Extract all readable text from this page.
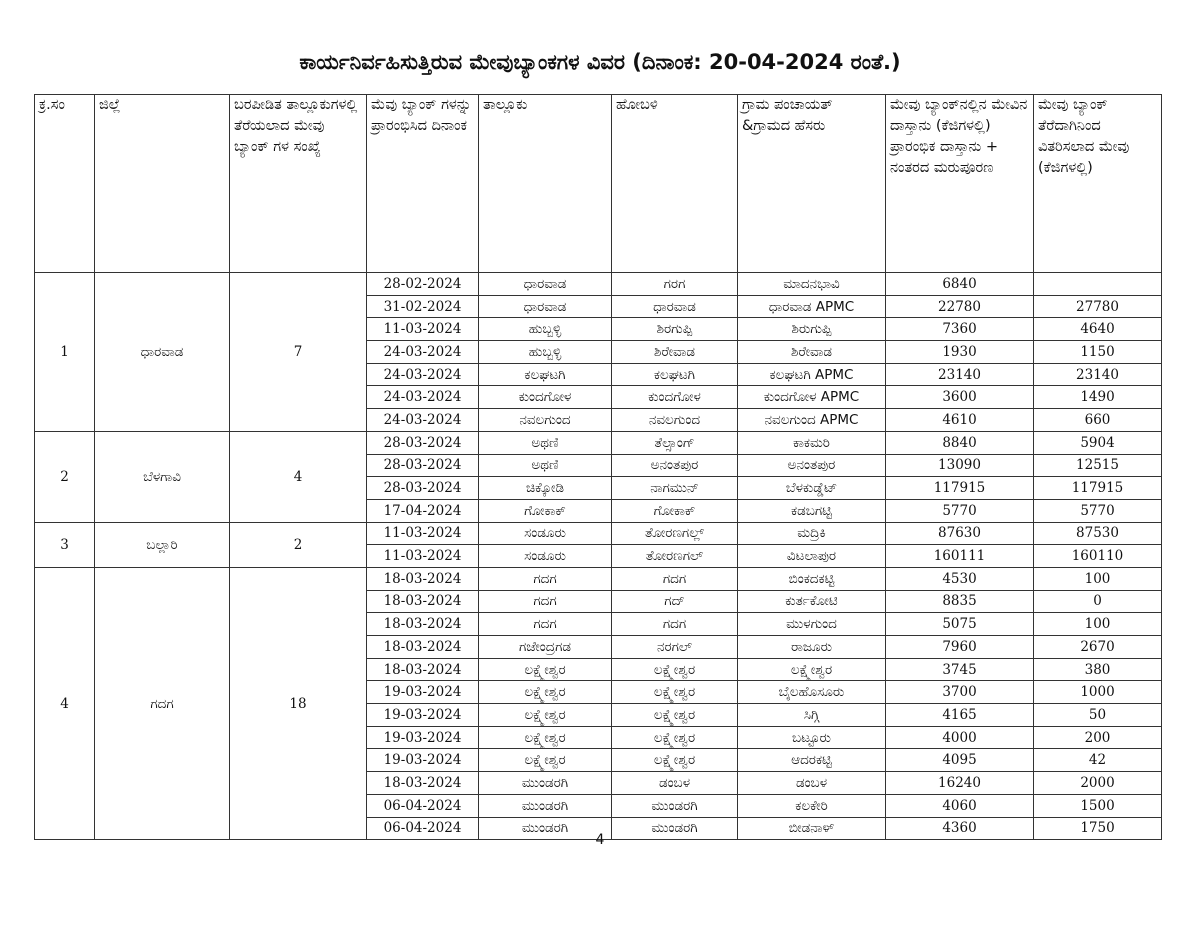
ಕಾರ್ಯನಿರ್ವಹಿಸುತ್ತಿರುವ ಮೇವುಬ್ಯಾಂಕಗಳ ವಿವರ (ದಿನಾಂಕ: 20-04-2024 ರಂತೆ.)
ಕ್ರ.ಸಂ	ಜಿಲ್ಲೆ	ಬರಪೀಡಿತ ತಾಲ್ಲೂಕುಗಳಲ್ಲಿ ತೆರೆಯಲಾದ ಮೇವು ಬ್ಯಾಂಕ್ ಗಳ ಸಂಖ್ಯೆ	ಮೆವು ಬ್ಯಾಂಕ್ ಗಳನ್ನು ಪ್ರಾರಂಭಿಸಿದ ದಿನಾಂಕ	ತಾಲ್ಲೂಕು	ಹೋಬಳಿ	ಗ್ರಾಮ ಪಂಚಾಯತ್ &ಗ್ರಾಮದ ಹೆಸರು	ಮೇವು ಬ್ಯಾಂಕ್‌ನಲ್ಲಿನ ಮೇವಿನ ದಾಸ್ತಾನು (ಕೆಜಿಗಳಲ್ಲಿ) ಪ್ರಾರಂಭಿಕ ದಾಸ್ತಾನು + ನಂತರದ ಮರುಪೂರಣ	ಮೇವು ಬ್ಯಾಂಕ್ ತೆರೆದಾಗಿನಿಂದ ವಿತರಿಸಲಾದ ಮೇವು (ಕೆಜಿಗಳಲ್ಲಿ)
1	ಧಾರವಾಡ	7	28-02-2024	ಧಾರವಾಡ	ಗರಗ	ಮಾದನಭಾವಿ	6840	
			31-02-2024	ಧಾರವಾಡ	ಧಾರವಾಡ	ಧಾರವಾಡ APMC	22780	27780
			11-03-2024	ಹುಬ್ಬಳ್ಳಿ	ಶಿರಗುಪ್ಪಿ	ಶಿರುಗುಪ್ಪಿ	7360	4640
			24-03-2024	ಹುಬ್ಬಳ್ಳಿ	ಶಿರೇವಾಡ	ಶಿರೇವಾಡ	1930	1150
			24-03-2024	ಕಲಘಟಗಿ	ಕಲಘಟಗಿ	ಕಲಘಟಗಿ APMC	23140	23140
			24-03-2024	ಕುಂದಗೋಳ	ಕುಂದಗೋಳ	ಕುಂದಗೋಳ APMC	3600	1490
			24-03-2024	ನವಲಗುಂದ	ನವಲಗುಂದ	ನವಲಗುಂದ APMC	4610	660
2	ಬೆಳಗಾವಿ	4	28-03-2024	ಅಥಣಿ	ತೆಲ್ಸಾಂಗ್	ಕಾಕಮರಿ	8840	5904
			28-03-2024	ಅಥಣಿ	ಅನಂತಪುರ	ಅನಂತಪುರ	13090	12515
			28-03-2024	ಚಿಕ್ಕೋಡಿ	ನಾಗಮುನ್	ಬೆಳಕುಡ್ಡೆಟ್	117915	117915
			17-04-2024	ಗೋಕಾಕ್	ಗೋಕಾಕ್	ಕಡಬಗಟ್ಟಿ	5770	5770
3	ಬಲ್ಲಾರಿ	2	11-03-2024	ಸಂಡೂರು	ತೋರಣಗಲ್ಲ್	ಮದ್ರಿಕಿ	87630	87530
			11-03-2024	ಸಂಡೂರು	ತೋರಣಗಲ್	ವಿಟಲಾಪುರ	160111	160110
4	ಗದಗ	18	18-03-2024	ಗದಗ	ಗದಗ	ಬಿಂಕದಕಟ್ಟಿ	4530	100
			18-03-2024	ಗದಗ	ಗದ್	ಕುರ್ತಕೋಟಿ	8835	0
			18-03-2024	ಗದಗ	ಗದಗ	ಮುಳಗುಂದ	5075	100
			18-03-2024	ಗಜೇಂದ್ರಗಡ	ನರಗಲ್	ರಾಜೂರು	7960	2670
			18-03-2024	ಲಕ್ಷ್ಮೇಶ್ವರ	ಲಕ್ಷ್ಮೇಶ್ವರ	ಲಕ್ಷ್ಮೇಶ್ವರ	3745	380
			19-03-2024	ಲಕ್ಷ್ಮೇಶ್ವರ	ಲಕ್ಷ್ಮೇಶ್ವರ	ಬೈಲಹೊಸೂರು	3700	1000
			19-03-2024	ಲಕ್ಷ್ಮೇಶ್ವರ	ಲಕ್ಷ್ಮೇಶ್ವರ	ಸಿಗ್ಗಿ	4165	50
			19-03-2024	ಲಕ್ಷ್ಮೇಶ್ವರ	ಲಕ್ಷ್ಮೇಶ್ವರ	ಬಟ್ಟೂರು	4000	200
			19-03-2024	ಲಕ್ಷ್ಮೇಶ್ವರ	ಲಕ್ಷ್ಮೇಶ್ವರ	ಆದರಕಟ್ಟಿ	4095	42
			18-03-2024	ಮುಂಡರಗಿ	ಡಂಬಳ	ಡಂಬಳ	16240	2000
			06-04-2024	ಮುಂಡರಗಿ	ಮುಂಡರಗಿ	ಕಲಕೇರಿ	4060	1500
			06-04-2024	ಮುಂಡರಗಿ	ಮುಂಡರಗಿ	ಬೀಡನಾಳ್	4360	1750
4
